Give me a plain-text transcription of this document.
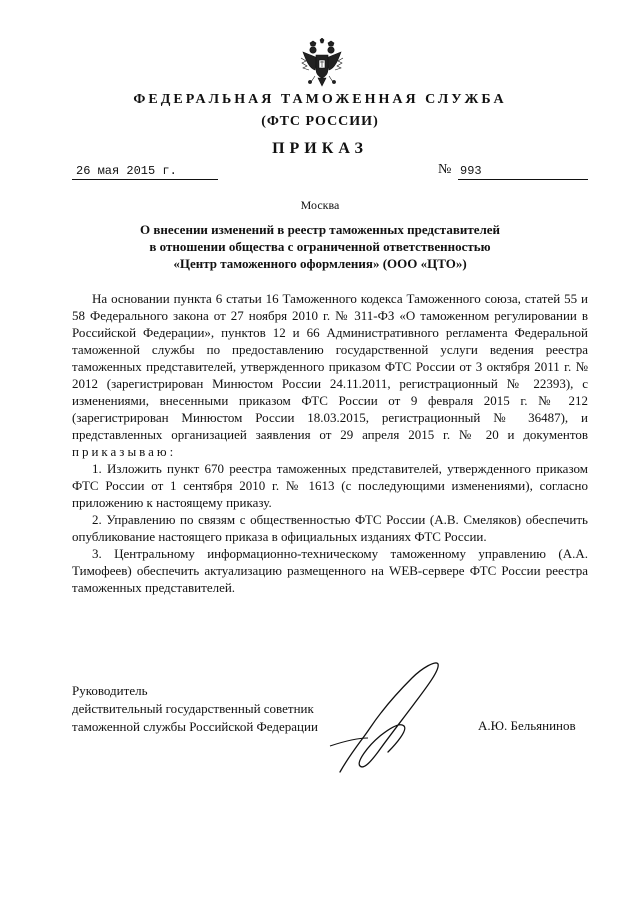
ФЕДЕРАЛЬНАЯ ТАМОЖЕННАЯ СЛУЖБА
(ФТС РОССИИ)
ПРИКАЗ
26 мая 2015 г.	№ 993
Москва
О внесении изменений в реестр таможенных представителей
в отношении общества с ограниченной ответственностью
«Центр таможенного оформления» (ООО «ЦТО»)

На основании пункта 6 статьи 16 Таможенного кодекса Таможенного союза, статей 55 и 58 Федерального закона от 27 ноября 2010 г. № 311-ФЗ «О таможенном регулировании в Российской Федерации», пунктов 12 и 66 Административного регламента Федеральной таможенной службы по предоставлению государственной услуги ведения реестра таможенных представителей, утвержденного приказом ФТС России от 3 октября 2011 г. № 2012 (зарегистрирован Минюстом России 24.11.2011, регистрационный № 22393), с изменениями, внесенными приказом ФТС России от 9 февраля 2015 г. № 212 (зарегистрирован Минюстом России 18.03.2015, регистрационный № 36487), и представленных организацией заявления от 29 апреля 2015 г. № 20 и документов приказываю:

1. Изложить пункт 670 реестра таможенных представителей, утвержденного приказом ФТС России от 1 сентября 2010 г. № 1613 (с последующими изменениями), согласно приложению к настоящему приказу.

2. Управлению по связям с общественностью ФТС России (А.В. Смеляков) обеспечить опубликование настоящего приказа в официальных изданиях ФТС России.

3. Центральному информационно-техническому таможенному управлению (А.А. Тимофеев) обеспечить актуализацию размещенного на WEB-сервере ФТС России реестра таможенных представителей.

Руководитель
действительный государственный советник
таможенной службы Российской Федерации	А.Ю. Бельянинов
